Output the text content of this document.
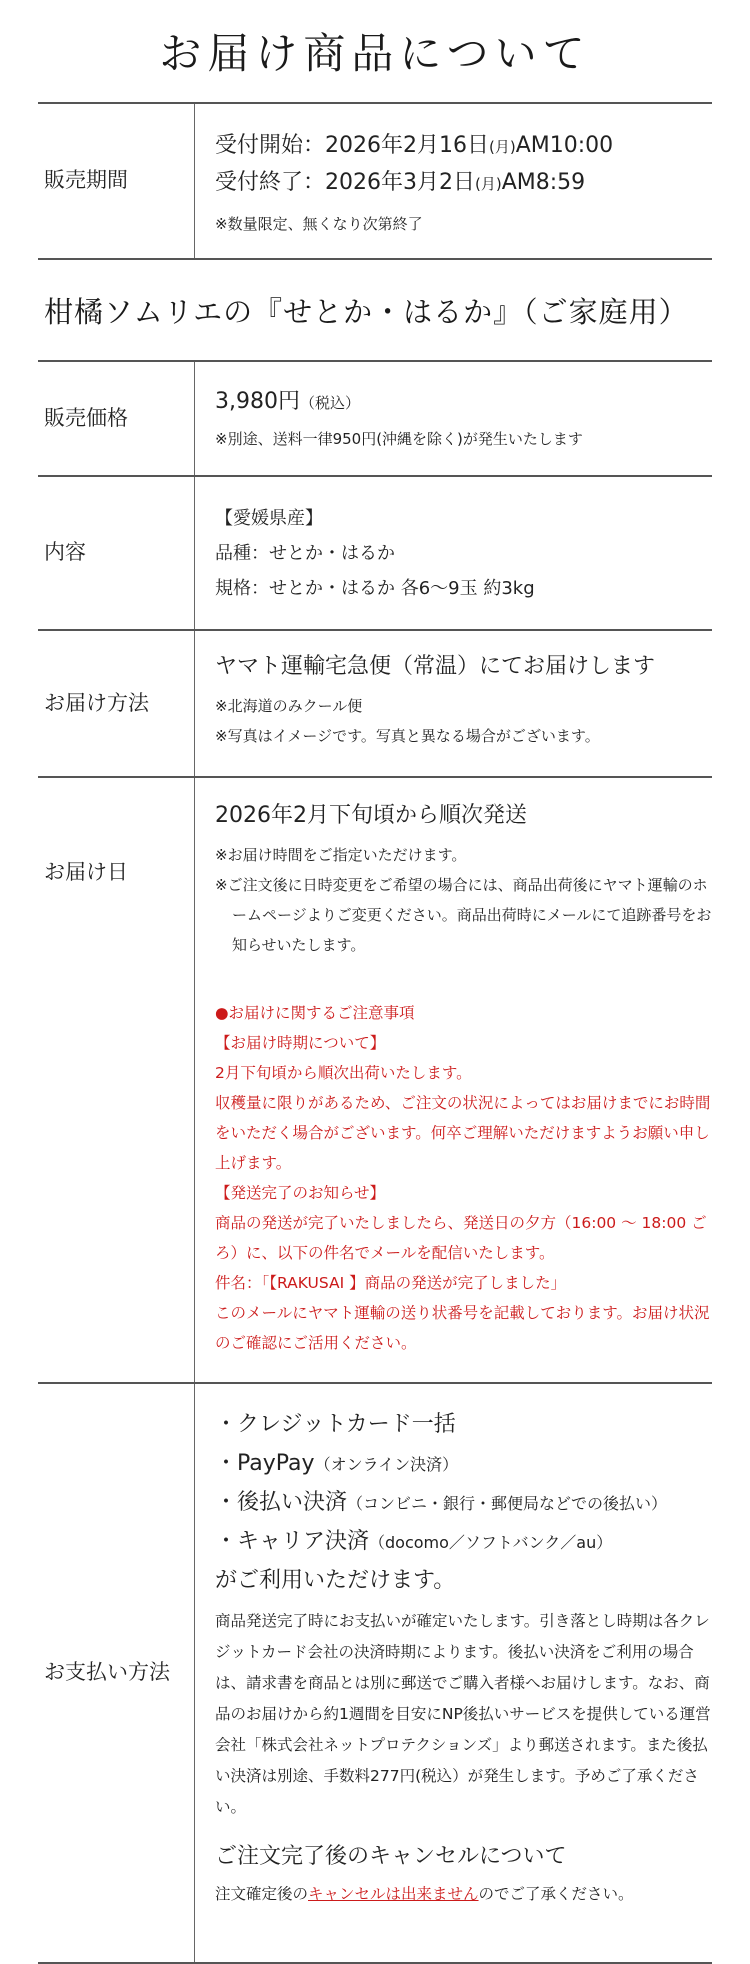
お届け商品について
販売期間
受付開始：2026年2月16日(月)AM10:00
受付終了：2026年3月2日(月)AM8:59
※数量限定、無くなり次第終了
柑橘ソムリエの『せとか・はるか』（ご家庭用）
販売価格
3,980円（税込）
※別途、送料一律950円(沖縄を除く)が発生いたします
内容
【愛媛県産】
品種：せとか・はるか
規格：せとか・はるか 各6～9玉 約3kg
お届け方法
ヤマト運輸宅急便（常温）にてお届けします
※北海道のみクール便
※写真はイメージです。写真と異なる場合がございます。
お届け日
2026年2月下旬頃から順次発送
※お届け時間をご指定いただけます。
※ご注文後に日時変更をご希望の場合には、商品出荷後にヤマト運輸のホームページよりご変更ください。商品出荷時にメールにて追跡番号をお知らせいたします。
●お届けに関するご注意事項
【お届け時期について】
2月下旬頃から順次出荷いたします。
収穫量に限りがあるため、ご注文の状況によってはお届けまでにお時間をいただく場合がございます。何卒ご理解いただけますようお願い申し上げます。
【発送完了のお知らせ】
商品の発送が完了いたしましたら、発送日の夕方（16:00 ～ 18:00 ごろ）に、以下の件名でメールを配信いたします。
件名：「【RAKUSAI 】商品の発送が完了しました」
このメールにヤマト運輸の送り状番号を記載しております。お届け状況のご確認にご活用ください。
お支払い方法
・クレジットカード一括
・PayPay（オンライン決済）
・後払い決済（コンビニ・銀行・郵便局などでの後払い）
・キャリア決済（docomo／ソフトバンク／au）
がご利用いただけます。
商品発送完了時にお支払いが確定いたします。引き落とし時期は各クレジットカード会社の決済時期によります。後払い決済をご利用の場合は、請求書を商品とは別に郵送でご購入者様へお届けします。なお、商品のお届けから約1週間を目安にNP後払いサービスを提供している運営会社「株式会社ネットプロテクションズ」より郵送されます。また後払い決済は別途、手数料277円(税込）が発生します。予めご了承ください。
ご注文完了後のキャンセルについて
注文確定後のキャンセルは出来ませんのでご了承ください。
